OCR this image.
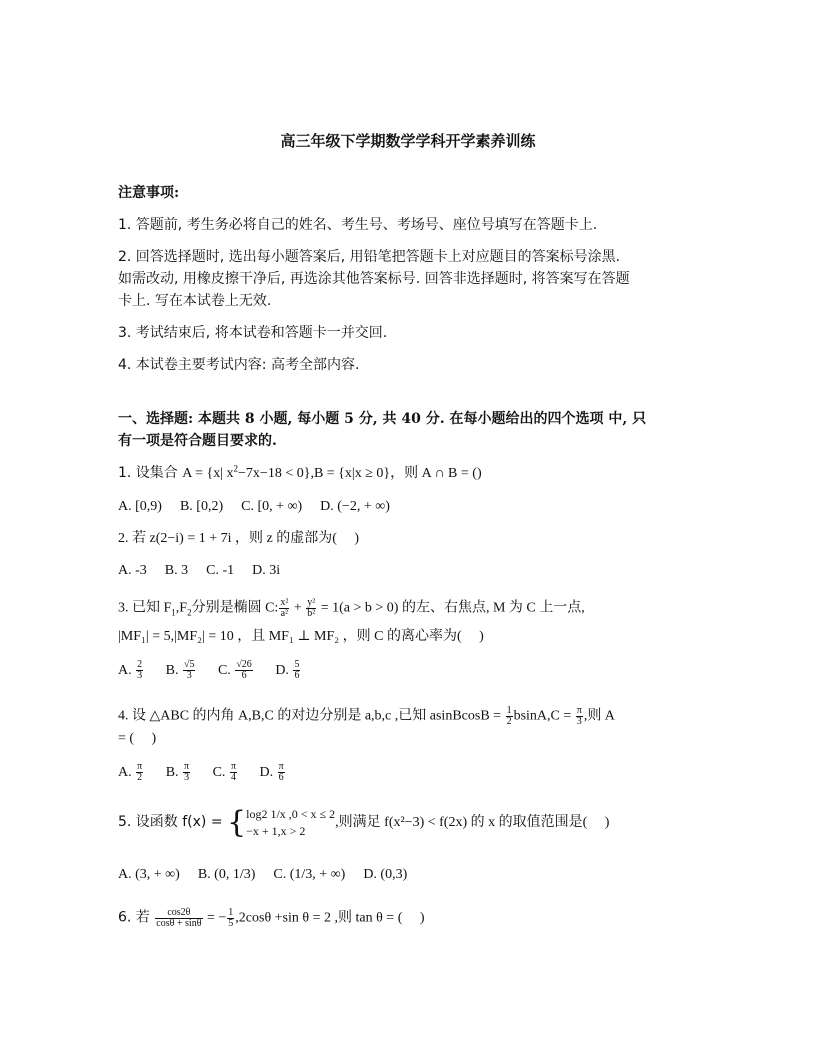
高三年级下学期数学学科开学素养训练
注意事项:
1. 答题前, 考生务必将自己的姓名、考生号、考场号、座位号填写在答题卡上.
2. 回答选择题时, 选出每小题答案后, 用铅笔把答题卡上对应题目的答案标号涂黑.
如需改动, 用橡皮擦干净后, 再选涂其他答案标号. 回答非选择题时, 将答案写在答题
卡上. 写在本试卷上无效.
3. 考试结束后, 将本试卷和答题卡一并交回.
4. 本试卷主要考试内容: 高考全部内容.
一、选择题: 本题共 8 小题, 每小题 5 分, 共 40 分. 在每小题给出的四个选项 中, 只
有一项是符合题目要求的.
1. 设集合 A = {x| $x^2-7x-18 < 0\},B = \{x|x \ge 0\}$，则 A ∩ B = ()
A. [0,9) B. [0,2) C. [0, + ∞) D. (−2, + ∞)
2. 若 z(2−i) = 1 + 7i ，则 z 的虚部为(　 )
A. -3 B. 3 C. -1 D. 3i
3. 已知 $F_1,F_2$分别是椭圆 C: $\frac{\text{x²}}{\text{a²}} + \frac{\text{y²}}{\text{b²}} = 1(a > b > 0)$ 的左、右焦点, M 为 C 上一点,
|MF₁| = 5,|MF₂| = 10 ，且 MF₁ ⊥ MF₂ ，则 C 的离心率为(　 )
A. $\frac{2}{3} B$. $\frac{√5}{3} C$. $\frac{√26}{6} D$. $\frac{5}{6}$
4. 设 △ABC 的内角 A,B,C 的对边分别是 a,b,c ,已知 asinBcosB = $\frac{1}{2} bsinA,C = \frac{\pi}{3}$ ,则 A
= (　 )
A. $\frac{\pi}{2} B$. $\frac{\pi}{3} C$. $\frac{\pi}{4} D$. $\frac{\pi}{6}$
5. 设函数 f(x) = { log2 1/x ,0 < x ≤ 2
−x + 1,x > 2
,则满足 f(x²−3) < f(2x) 的 x 的取值范围是(　 )
A. (3, + ∞) B. (0, 1/3) C. (1/3, + ∞) D. (0,3)
6. 若 $\frac{\cos 2\theta}{\cos\theta + \sin\theta}$ = − $\frac{1}{5} ,2\cos\theta +\sin$ θ = 2 ,则 tan θ = (　 )
